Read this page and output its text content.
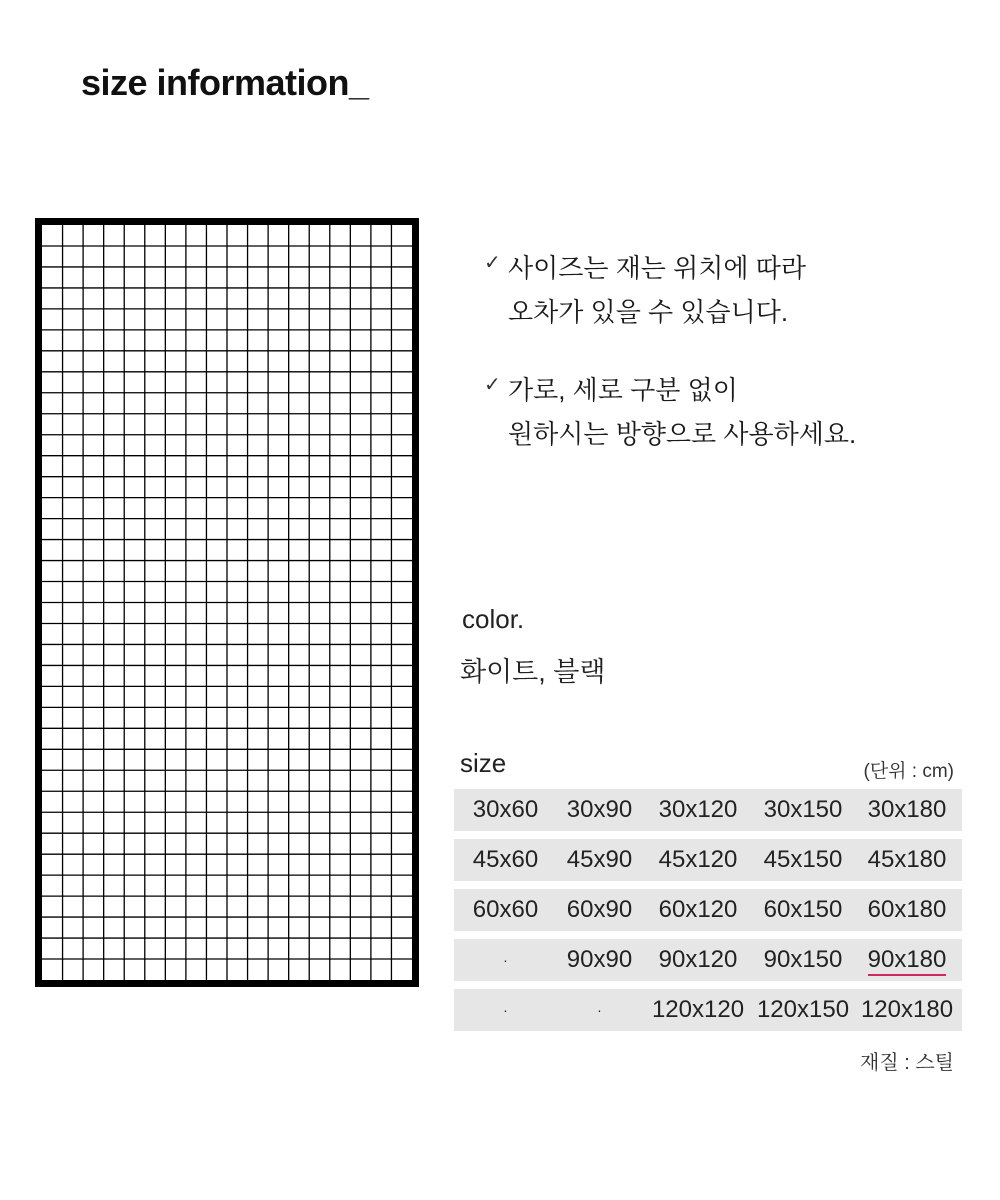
size information_
✓ 사이즈는 재는 위치에 따라
오차가 있을 수 있습니다.
✓ 가로, 세로 구분 없이
원하시는 방향으로 사용하세요.
color.
화이트, 블랙
size	(단위 : cm)
30x60	30x90	30x120	30x150	30x180
45x60	45x90	45x120	45x150	45x180
60x60	60x90	60x120	60x150	60x180
·	90x90	90x120	90x150	90x180
·	·	120x120 120x150 120x180
재질 : 스틸
